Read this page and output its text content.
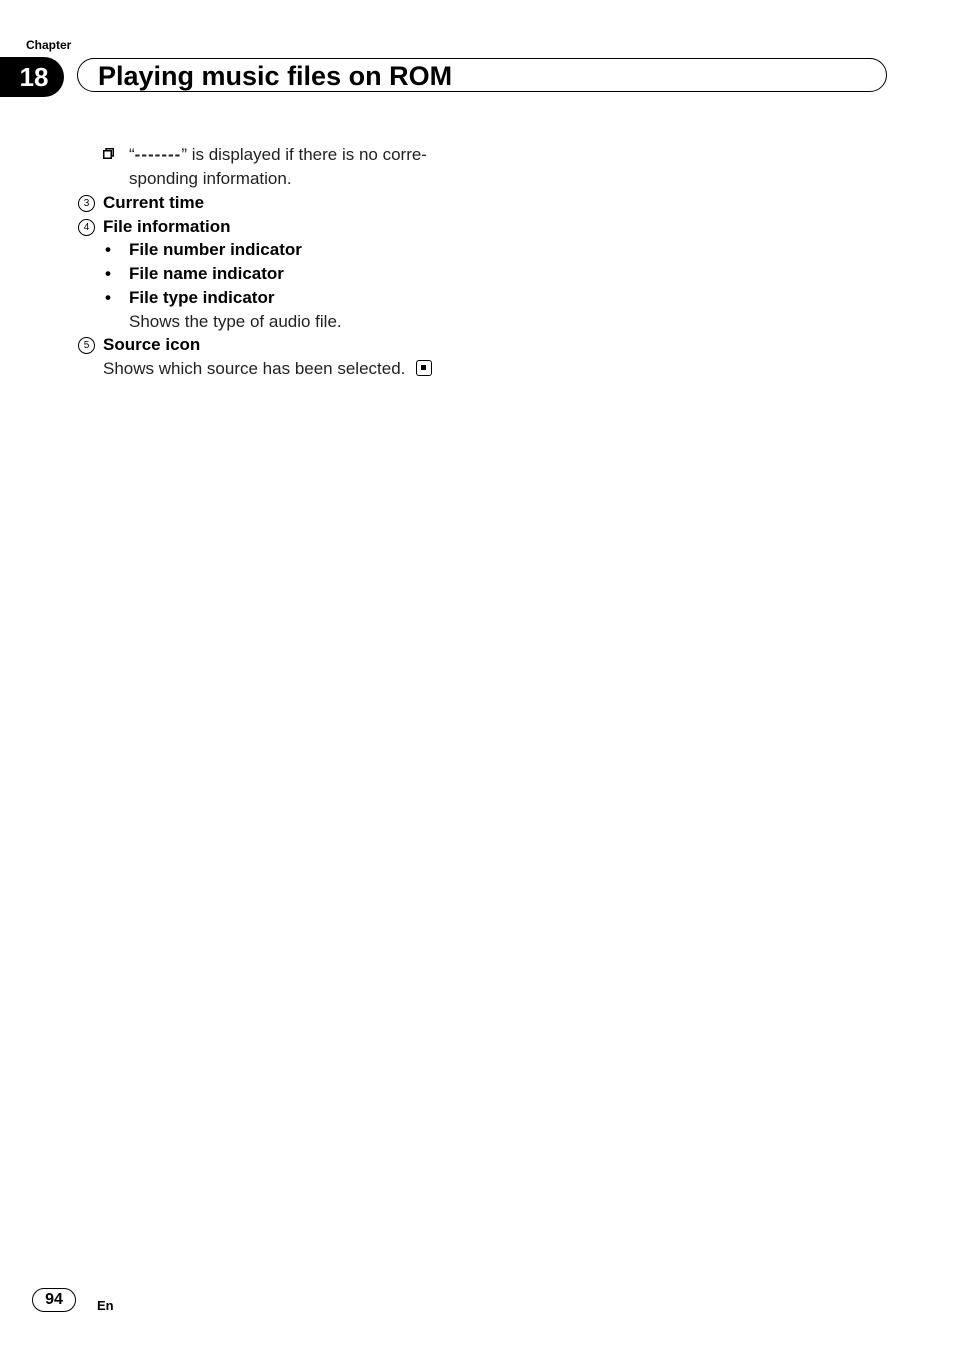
Chapter
18	Playing music files on ROM
“-------” is displayed if there is no corre-
sponding information.
3 Current time
4 File information
• File number indicator
• File name indicator
• File type indicator
Shows the type of audio file.
5 Source icon
Shows which source has been selected.
94	En
